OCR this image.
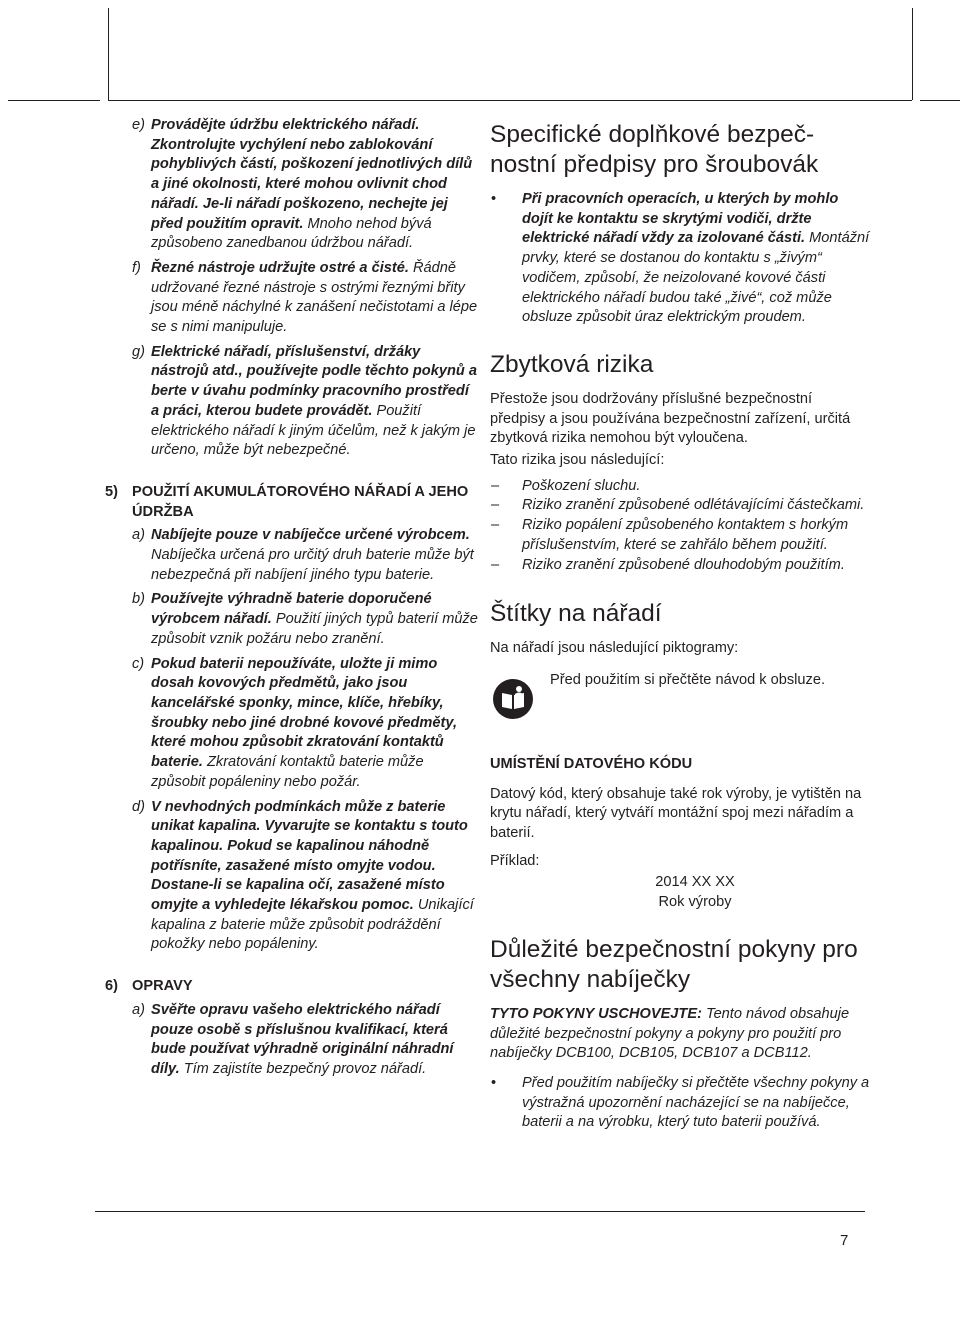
e) Provádějte údržbu elektrického nářadí. Zkontrolujte vychýlení nebo zablokování pohyblivých částí, poškození jednotlivých dílů a jiné okolnosti, které mohou ovlivnit chod nářadí. Je-li nářadí poškozeno, nechejte jej před použitím opravit. Mnoho nehod bývá způsobeno zanedbanou údržbou nářadí.
f) Řezné nástroje udržujte ostré a čisté. Řádně udržované řezné nástroje s ostrými řeznými břity jsou méně náchylné k zanášení nečistotami a lépe se s nimi manipuluje.
g) Elektrické nářadí, příslušenství, držáky nástrojů atd., používejte podle těchto pokynů a berte v úvahu podmínky pracovního prostředí a práci, kterou budete provádět. Použití elektrického nářadí k jiným účelům, než k jakým je určeno, může být nebezpečné.
5) POUŽITÍ AKUMULÁTOROVÉHO NÁŘADÍ A JEHO ÚDRŽBA
a) Nabíjejte pouze v nabíječce určené výrobcem. Nabíječka určená pro určitý druh baterie může být nebezpečná při nabíjení jiného typu baterie.
b) Používejte výhradně baterie doporučené výrobcem nářadí. Použití jiných typů baterií může způsobit vznik požáru nebo zranění.
c) Pokud baterii nepoužíváte, uložte ji mimo dosah kovových předmětů, jako jsou kancelářské sponky, mince, klíče, hřebíky, šroubky nebo jiné drobné kovové předměty, které mohou způsobit zkratování kontaktů baterie. Zkratování kontaktů baterie může způsobit popáleniny nebo požár.
d) V nevhodných podmínkách může z baterie unikat kapalina. Vyvarujte se kontaktu s touto kapalinou. Pokud se kapalinou náhodně potřísníte, zasažené místo omyjte vodou. Dostane-li se kapalina očí, zasažené místo omyjte a vyhledejte lékařskou pomoc. Unikající kapalina z baterie může způsobit podráždění pokožky nebo popáleniny.
6) OPRAVY
a) Svěřte opravu vašeho elektrického nářadí pouze osobě s příslušnou kvalifikací, která bude používat výhradně originální náhradní díly. Tím zajistíte bezpečný provoz nářadí.
Specifické doplňkové bezpečnostní předpisy pro šroubovák
• Při pracovních operacích, u kterých by mohlo dojít ke kontaktu se skrytými vodiči, držte elektrické nářadí vždy za izolované části. Montážní prvky, které se dostanou do kontaktu s „živým“ vodičem, způsobí, že neizolované kovové části elektrického nářadí budou také „živé“, což může obsluze způsobit úraz elektrickým proudem.
Zbytková rizika

Přestože jsou dodržovány příslušné bezpečnostní předpisy a jsou používána bezpečnostní zařízení, určitá zbytková rizika nemohou být vyloučena.

Tato rizika jsou následující:

– Poškození sluchu.
– Riziko zranění způsobené odlétávajícími částečkami.
– Riziko popálení způsobeného kontaktem s horkým příslušenstvím, které se zahřálo během použití.
– Riziko zranění způsobené dlouhodobým použitím.
Štítky na nářadí

Na nářadí jsou následující piktogramy:

Před použitím si přečtěte návod k obsluze.
UMÍSTĚNÍ DATOVÉHO KÓDU

Datový kód, který obsahuje také rok výroby, je vytištěn na krytu nářadí, který vytváří montážní spoj mezi nářadím a baterií.

Příklad:

2014 XX XX
Rok výroby
Důležité bezpečnostní pokyny pro všechny nabíječky

TYTO POKYNY USCHOVEJTE: Tento návod obsahuje důležité bezpečnostní pokyny a pokyny pro použití pro nabíječky DCB100, DCB105, DCB107 a DCB112.

• Před použitím nabíječky si přečtěte všechny pokyny a výstražná upozornění nacházející se na nabíječce, baterii a na výrobku, který tuto baterii používá.
7
